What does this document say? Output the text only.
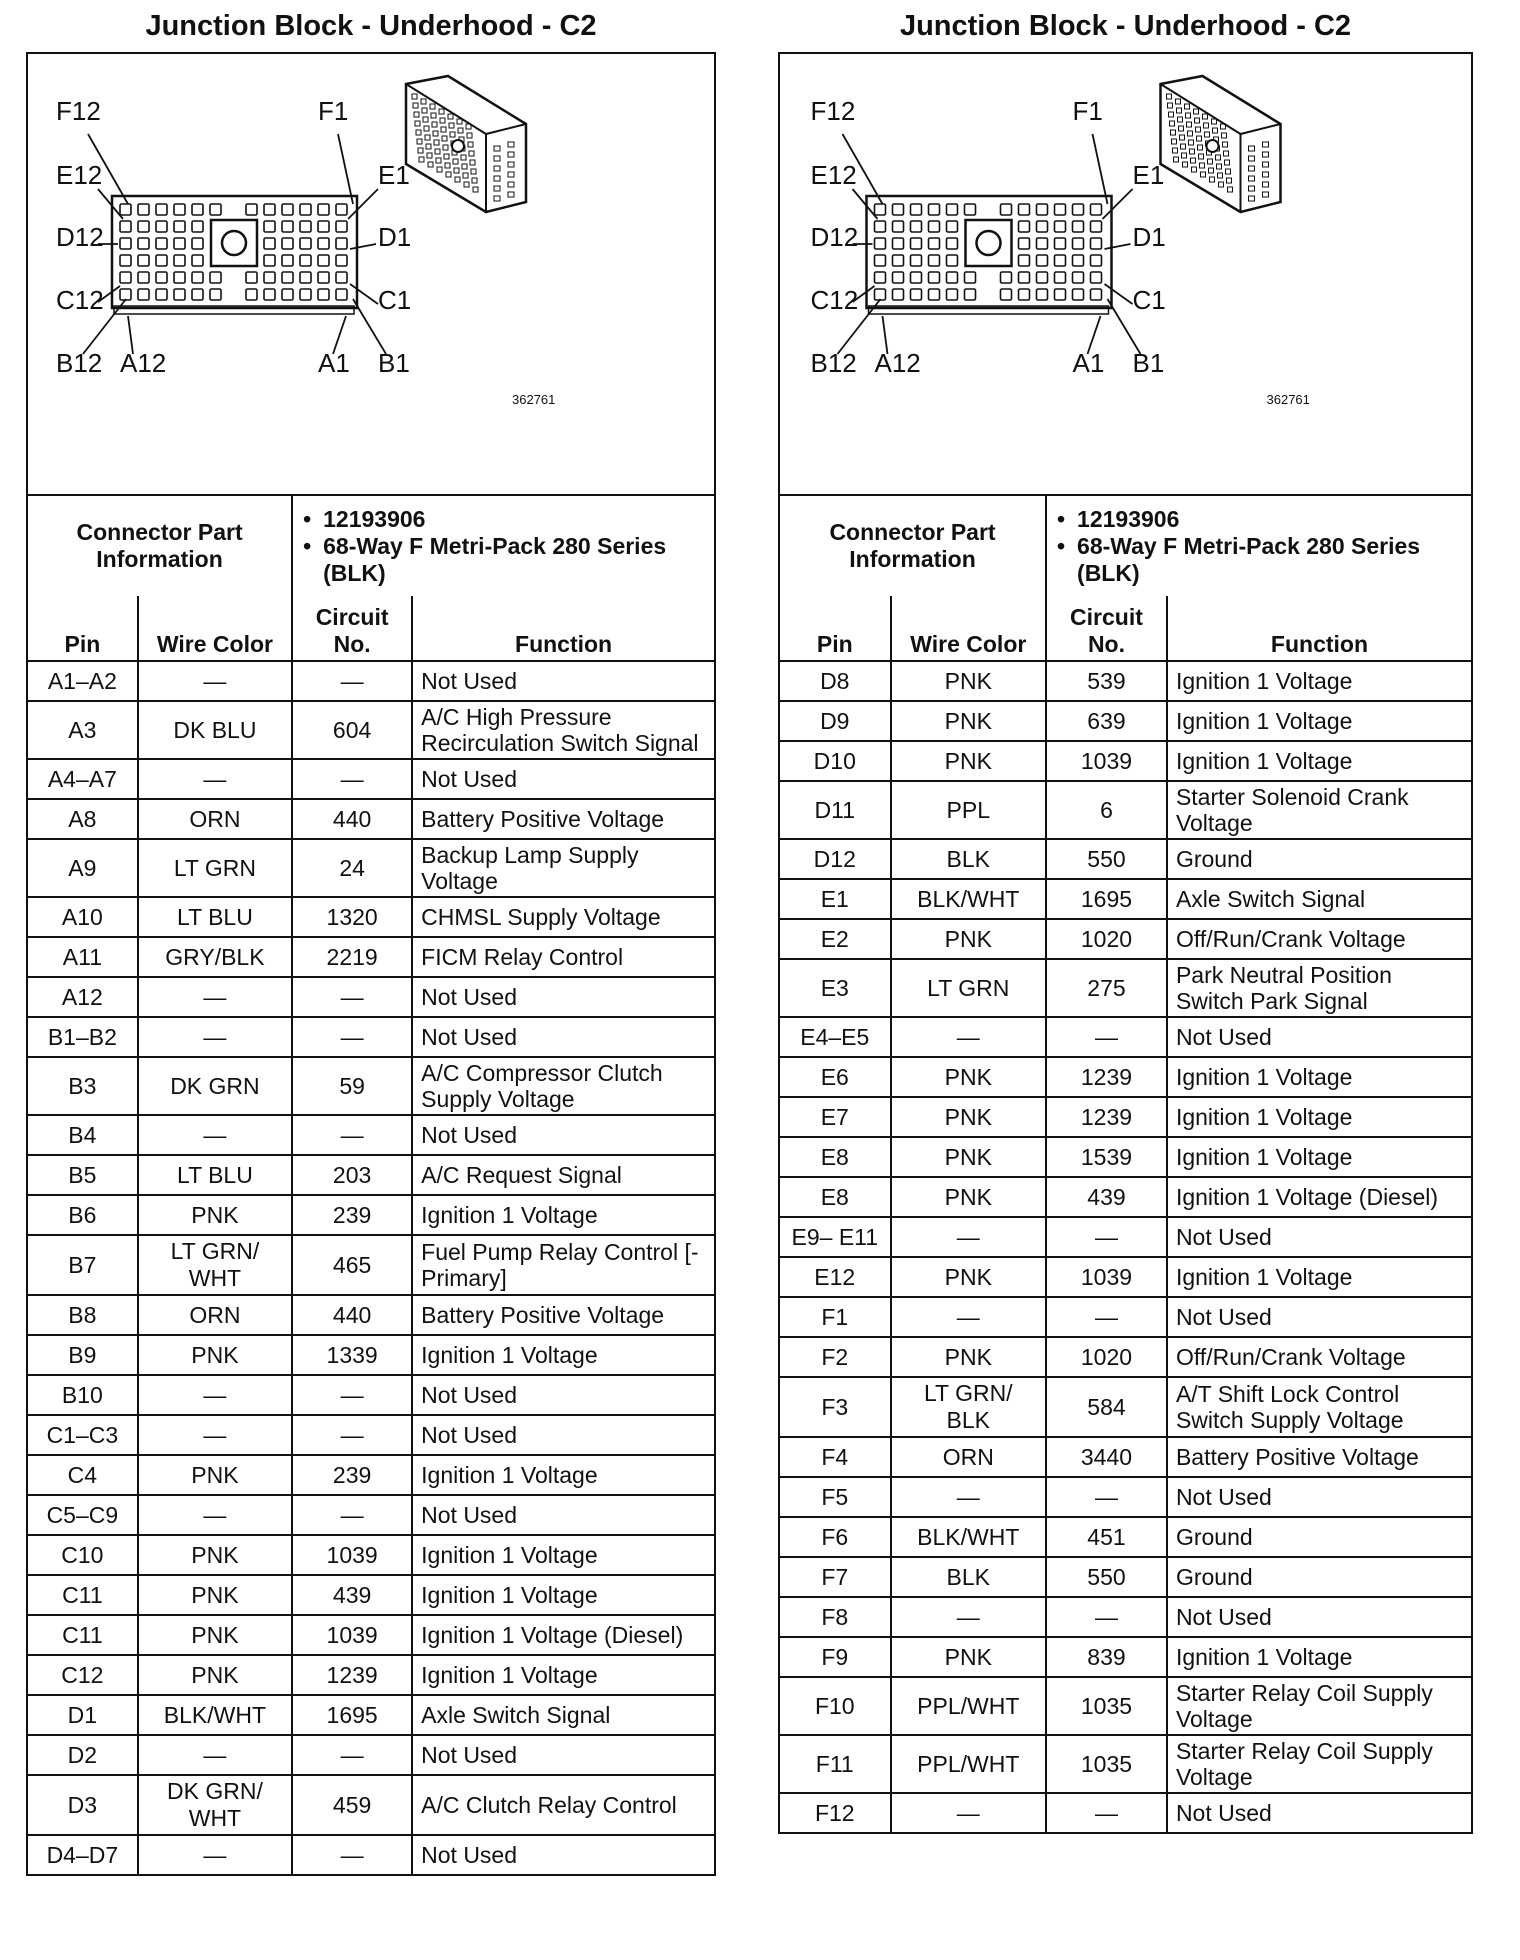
Junction Block - Underhood - C2
F12	F1
E12	E1
D12	D1
C12	C1
B12 A12	A1 B1
362761
Connector Part Information	
• 12193906
• 68-Way F Metri-Pack 280 Series (BLK)
Pin	Wire Color	Circuit No.	Function
A1–A2	—	—	Not Used
A3	DK BLU	604	A/C High Pressure Recirculation Switch Signal
A4–A7	—	—	Not Used
A8	ORN	440	Battery Positive Voltage
A9	LT GRN	24	Backup Lamp Supply Voltage
A10	LT BLU	1320	CHMSL Supply Voltage
A11	GRY/BLK	2219	FICM Relay Control
A12	—	—	Not Used
B1–B2	—	—	Not Used
B3	DK GRN	59	A/C Compressor Clutch Supply Voltage
B4	—	—	Not Used
B5	LT BLU	203	A/C Request Signal
B6	PNK	239	Ignition 1 Voltage
B7	LT GRN/ WHT	465	Fuel Pump Relay Control [- Primary]
B8	ORN	440	Battery Positive Voltage
B9	PNK	1339	Ignition 1 Voltage
B10	—	—	Not Used
C1–C3	—	—	Not Used
C4	PNK	239	Ignition 1 Voltage
C5–C9	—	—	Not Used
C10	PNK	1039	Ignition 1 Voltage
C11	PNK	439	Ignition 1 Voltage
C11	PNK	1039	Ignition 1 Voltage (Diesel)
C12	PNK	1239	Ignition 1 Voltage
D1	BLK/WHT	1695	Axle Switch Signal
D2	—	—	Not Used
D3	DK GRN/ WHT	459	A/C Clutch Relay Control
D4–D7	—	—	Not Used
Junction Block - Underhood - C2
F12	F1
E12	E1
D12	D1
C12	C1
B12 A12	A1 B1
362761
Connector Part Information	
• 12193906
• 68-Way F Metri-Pack 280 Series (BLK)
Pin	Wire Color	Circuit No.	Function
D8	PNK	539	Ignition 1 Voltage
D9	PNK	639	Ignition 1 Voltage
D10	PNK	1039	Ignition 1 Voltage
D11	PPL	6	Starter Solenoid Crank Voltage
D12	BLK	550	Ground
E1	BLK/WHT	1695	Axle Switch Signal
E2	PNK	1020	Off/Run/Crank Voltage
E3	LT GRN	275	Park Neutral Position Switch Park Signal
E4–E5	—	—	Not Used
E6	PNK	1239	Ignition 1 Voltage
E7	PNK	1239	Ignition 1 Voltage
E8	PNK	1539	Ignition 1 Voltage
E8	PNK	439	Ignition 1 Voltage (Diesel)
E9– E11	—	—	Not Used
E12	PNK	1039	Ignition 1 Voltage
F1	—	—	Not Used
F2	PNK	1020	Off/Run/Crank Voltage
F3	LT GRN/ BLK	584	A/T Shift Lock Control Switch Supply Voltage
F4	ORN	3440	Battery Positive Voltage
F5	—	—	Not Used
F6	BLK/WHT	451	Ground
F7	BLK	550	Ground
F8	—	—	Not Used
F9	PNK	839	Ignition 1 Voltage
F10	PPL/WHT	1035	Starter Relay Coil Supply Voltage
F11	PPL/WHT	1035	Starter Relay Coil Supply Voltage
F12	—	—	Not Used
